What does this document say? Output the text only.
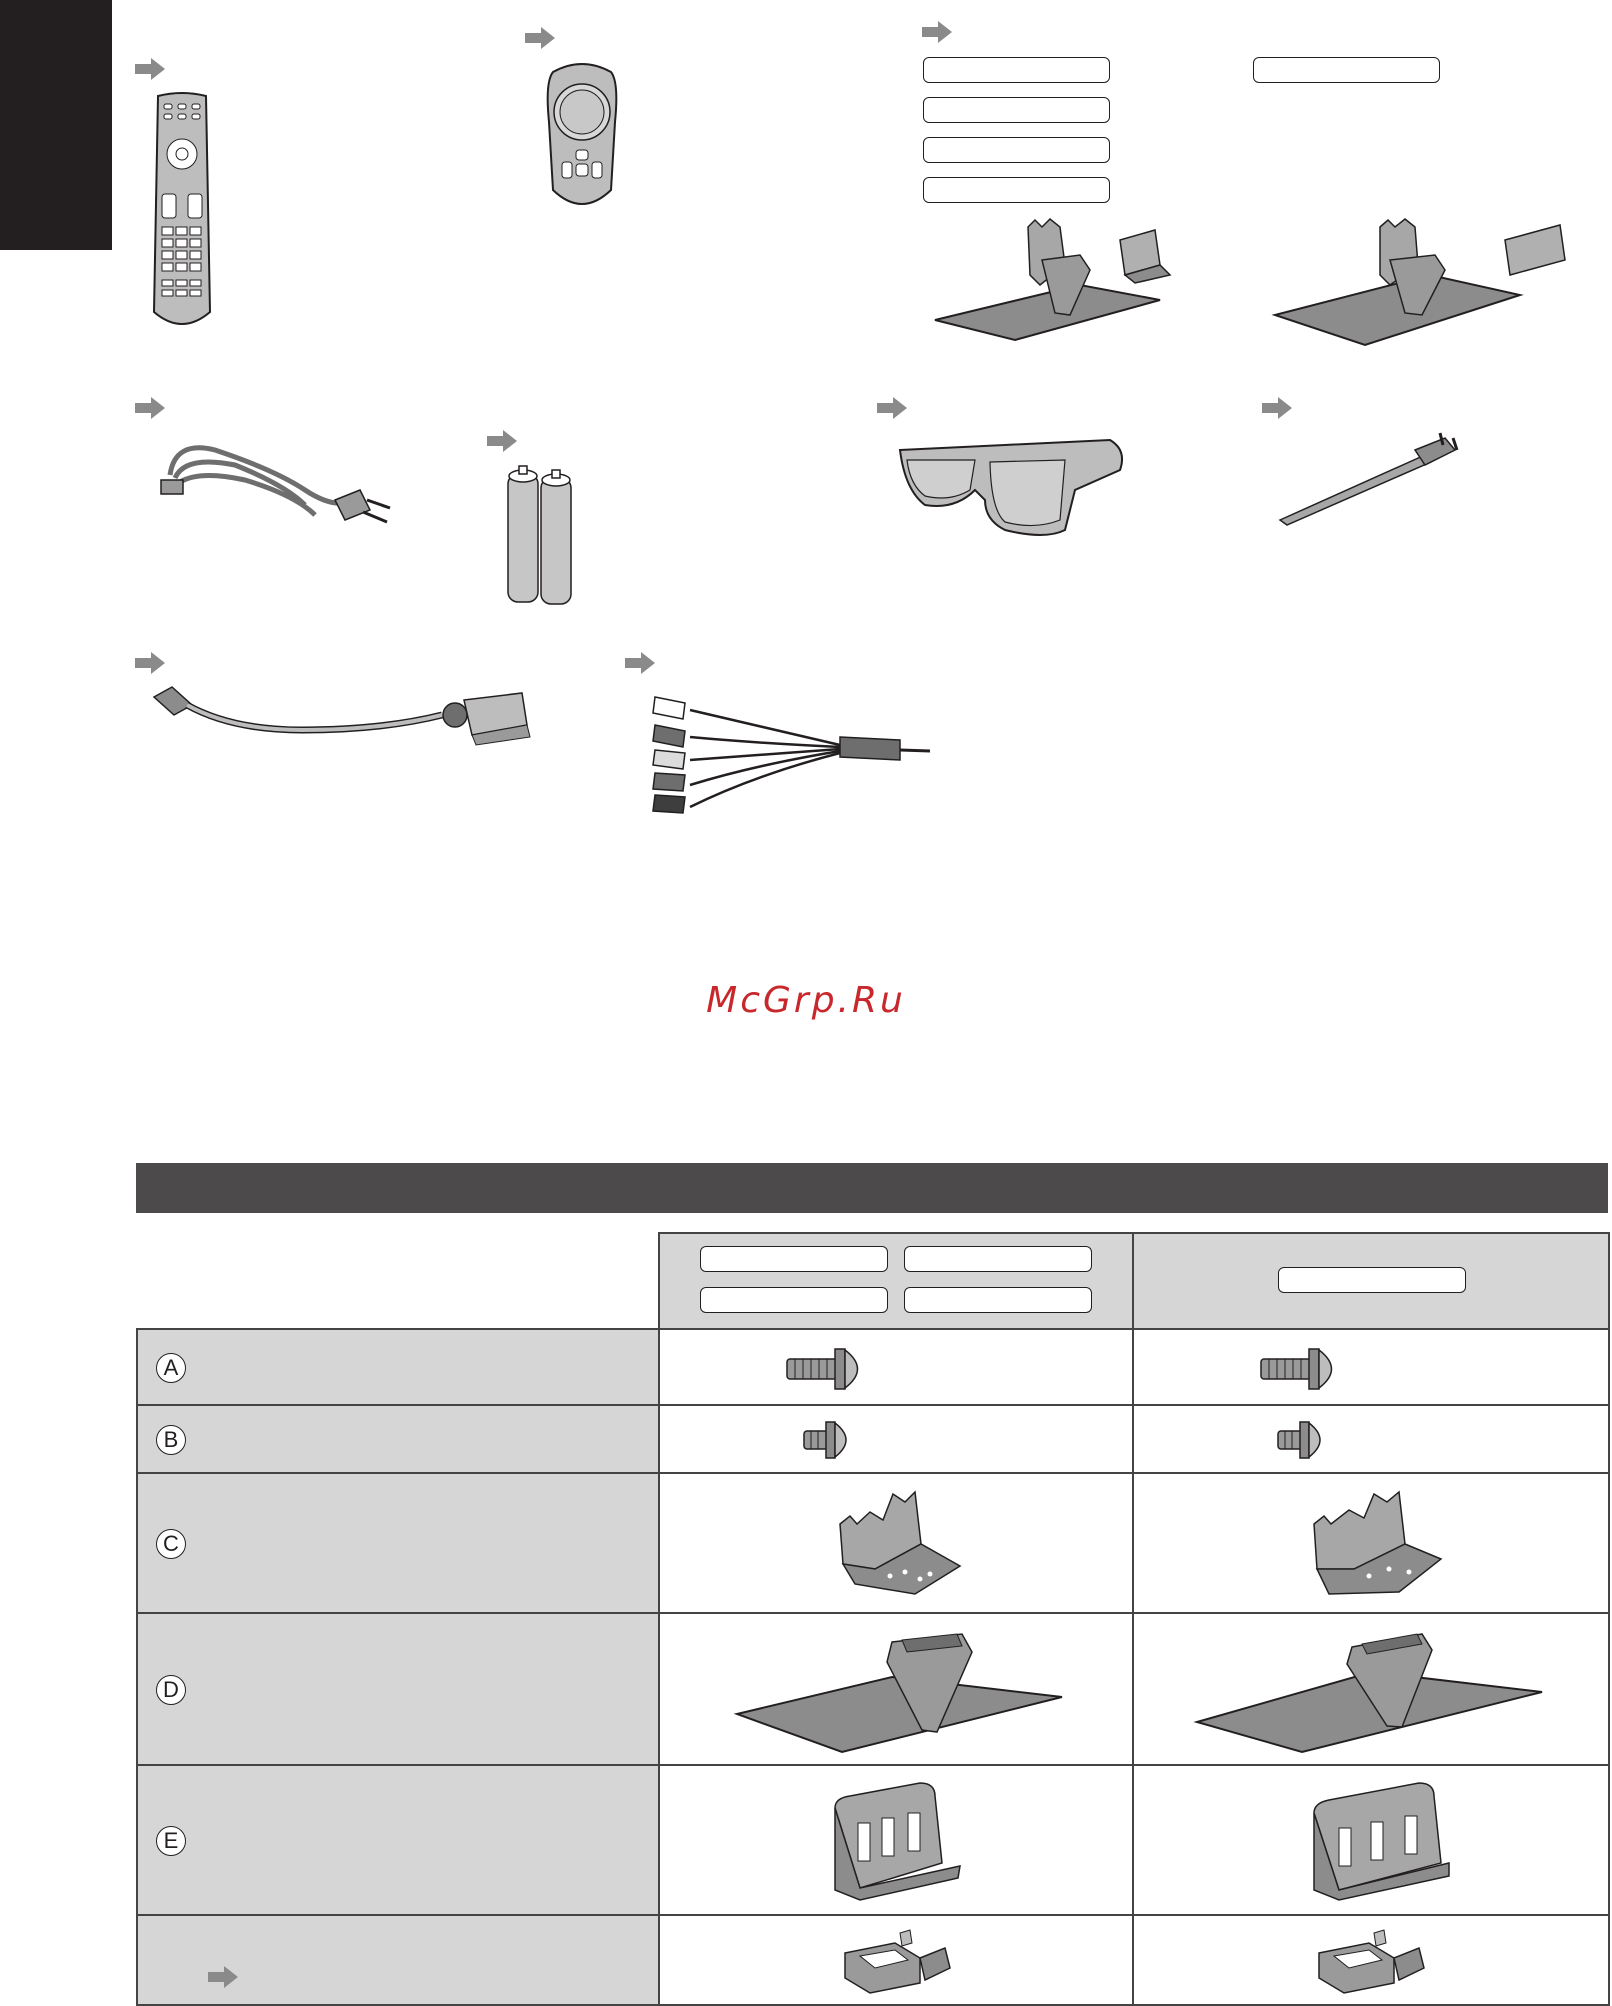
McGrp.Ru
A
B
C
D
E
